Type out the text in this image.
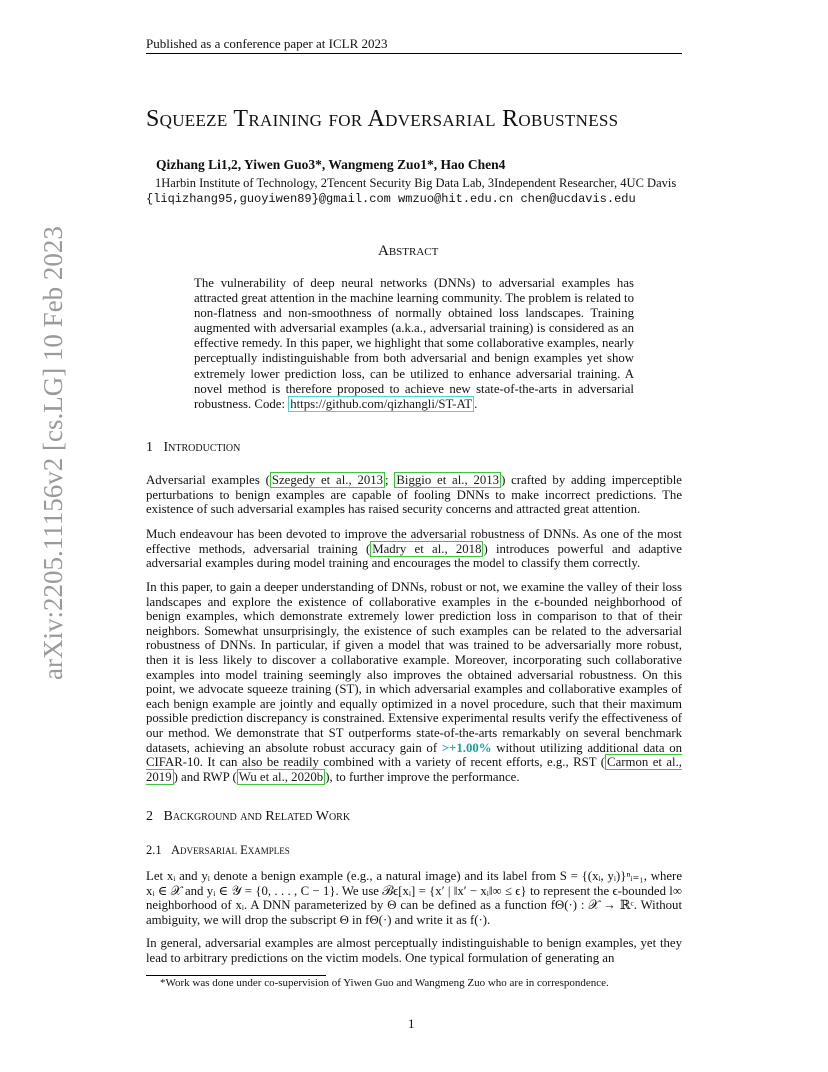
arXiv:2205.11156v2 [cs.LG] 10 Feb 2023
Published as a conference paper at ICLR 2023
Squeeze Training for Adversarial Robustness
Qizhang Li1,2, Yiwen Guo3*, Wangmeng Zuo1*, Hao Chen4
1Harbin Institute of Technology, 2Tencent Security Big Data Lab, 3Independent Researcher, 4UC Davis
{liqizhang95,guoyiwen89}@gmail.com wmzuo@hit.edu.cn chen@ucdavis.edu
Abstract
The vulnerability of deep neural networks (DNNs) to adversarial examples has attracted great attention in the machine learning community. The problem is related to non-flatness and non-smoothness of normally obtained loss landscapes. Training augmented with adversarial examples (a.k.a., adversarial training) is considered as an effective remedy. In this paper, we highlight that some collaborative examples, nearly perceptually indistinguishable from both adversarial and benign examples yet show extremely lower prediction loss, can be utilized to enhance adversarial training. A novel method is therefore proposed to achieve new state-of-the-arts in adversarial robustness. Code: https://github.com/qizhangli/ST-AT .
1 Introduction
Adversarial examples ( Szegedy et al., 2013 ; Biggio et al., 2013 ) crafted by adding imperceptible perturbations to benign examples are capable of fooling DNNs to make incorrect predictions. The existence of such adversarial examples has raised security concerns and attracted great attention.
Much endeavour has been devoted to improve the adversarial robustness of DNNs. As one of the most effective methods, adversarial training ( Madry et al., 2018 ) introduces powerful and adaptive adversarial examples during model training and encourages the model to classify them correctly.
In this paper, to gain a deeper understanding of DNNs, robust or not, we examine the valley of their loss landscapes and explore the existence of collaborative examples in the ϵ-bounded neighborhood of benign examples, which demonstrate extremely lower prediction loss in comparison to that of their neighbors. Somewhat unsurprisingly, the existence of such examples can be related to the adversarial robustness of DNNs. In particular, if given a model that was trained to be adversarially more robust, then it is less likely to discover a collaborative example. Moreover, incorporating such collaborative examples into model training seemingly also improves the obtained adversarial robustness. On this point, we advocate squeeze training (ST), in which adversarial examples and collaborative examples of each benign example are jointly and equally optimized in a novel procedure, such that their maximum possible prediction discrepancy is constrained. Extensive experimental results verify the effectiveness of our method. We demonstrate that ST outperforms state-of-the-arts remarkably on several benchmark datasets, achieving an absolute robust accuracy gain of >+1.00% without utilizing additional data on CIFAR-10. It can also be readily combined with a variety of recent efforts, e.g., RST ( Carmon et al., 2019 ) and RWP ( Wu et al., 2020b ), to further improve the performance.
2 Background and Related Work
2.1 Adversarial Examples
Let xᵢ and yᵢ denote a benign example (e.g., a natural image) and its label from S = {(xᵢ, yᵢ)}ⁿᵢ₌₁, where xᵢ ∈ 𝒳 and yᵢ ∈ 𝒴 = {0, . . . , C − 1}. We use ℬϵ[xᵢ] = {x′ | ‖x′ − xᵢ‖∞ ≤ ϵ} to represent the ϵ-bounded l∞ neighborhood of xᵢ. A DNN parameterized by Θ can be defined as a function fΘ(·) : 𝒳 → ℝᶜ. Without ambiguity, we will drop the subscript Θ in fΘ(·) and write it as f(·).
In general, adversarial examples are almost perceptually indistinguishable to benign examples, yet they lead to arbitrary predictions on the victim models. One typical formulation of generating an
*Work was done under co-supervision of Yiwen Guo and Wangmeng Zuo who are in correspondence.
1
